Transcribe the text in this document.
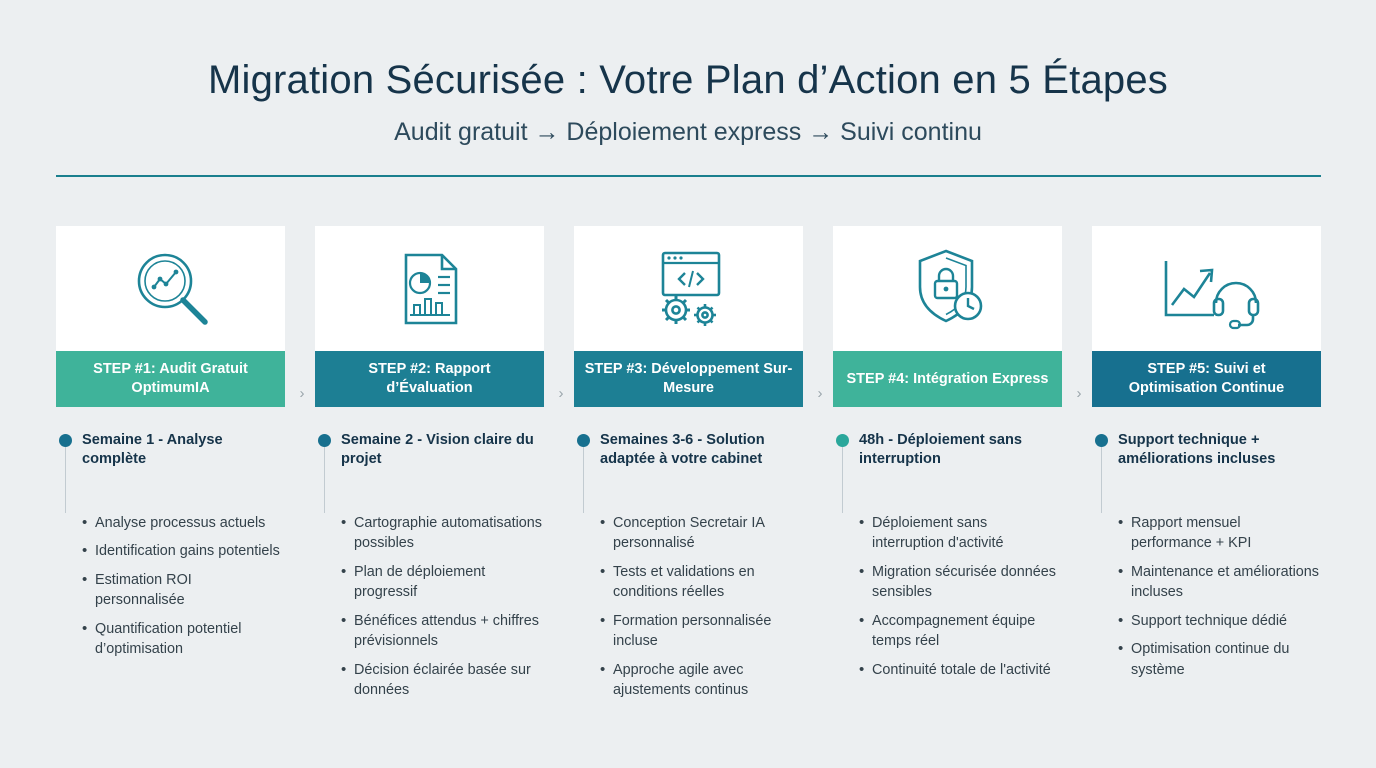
Migration Sécurisée : Votre Plan d’Action en 5 Étapes
Audit gratuit → Déploiement express → Suivi continu
STEP #1: Audit Gratuit OptimumIA	›
Semaine 1 - Analyse complète
• Analyse processus actuels
• Identification gains potentiels
• Estimation ROI personnalisée
• Quantification potentiel d’optimisation
STEP #2: Rapport d’Évaluation	›
Semaine 2 - Vision claire du projet
• Cartographie automatisations possibles
• Plan de déploiement progressif
• Bénéfices attendus + chiffres prévisionnels
• Décision éclairée basée sur données
STEP #3: Développement Sur-Mesure	›
Semaines 3-6 - Solution adaptée à votre cabinet
• Conception Secretair IA personnalisé
• Tests et validations en conditions réelles
• Formation personnalisée incluse
• Approche agile avec ajustements continus
STEP #4: Intégration Express
›
48h - Déploiement sans interruption
• Déploiement sans interruption d'activité
• Migration sécurisée données sensibles
• Accompagnement équipe temps réel
• Continuité totale de l'activité
STEP #5: Suivi et Optimisation Continue
Support technique + améliorations incluses
• Rapport mensuel performance + KPI
• Maintenance et améliorations incluses
• Support technique dédié
• Optimisation continue du système
